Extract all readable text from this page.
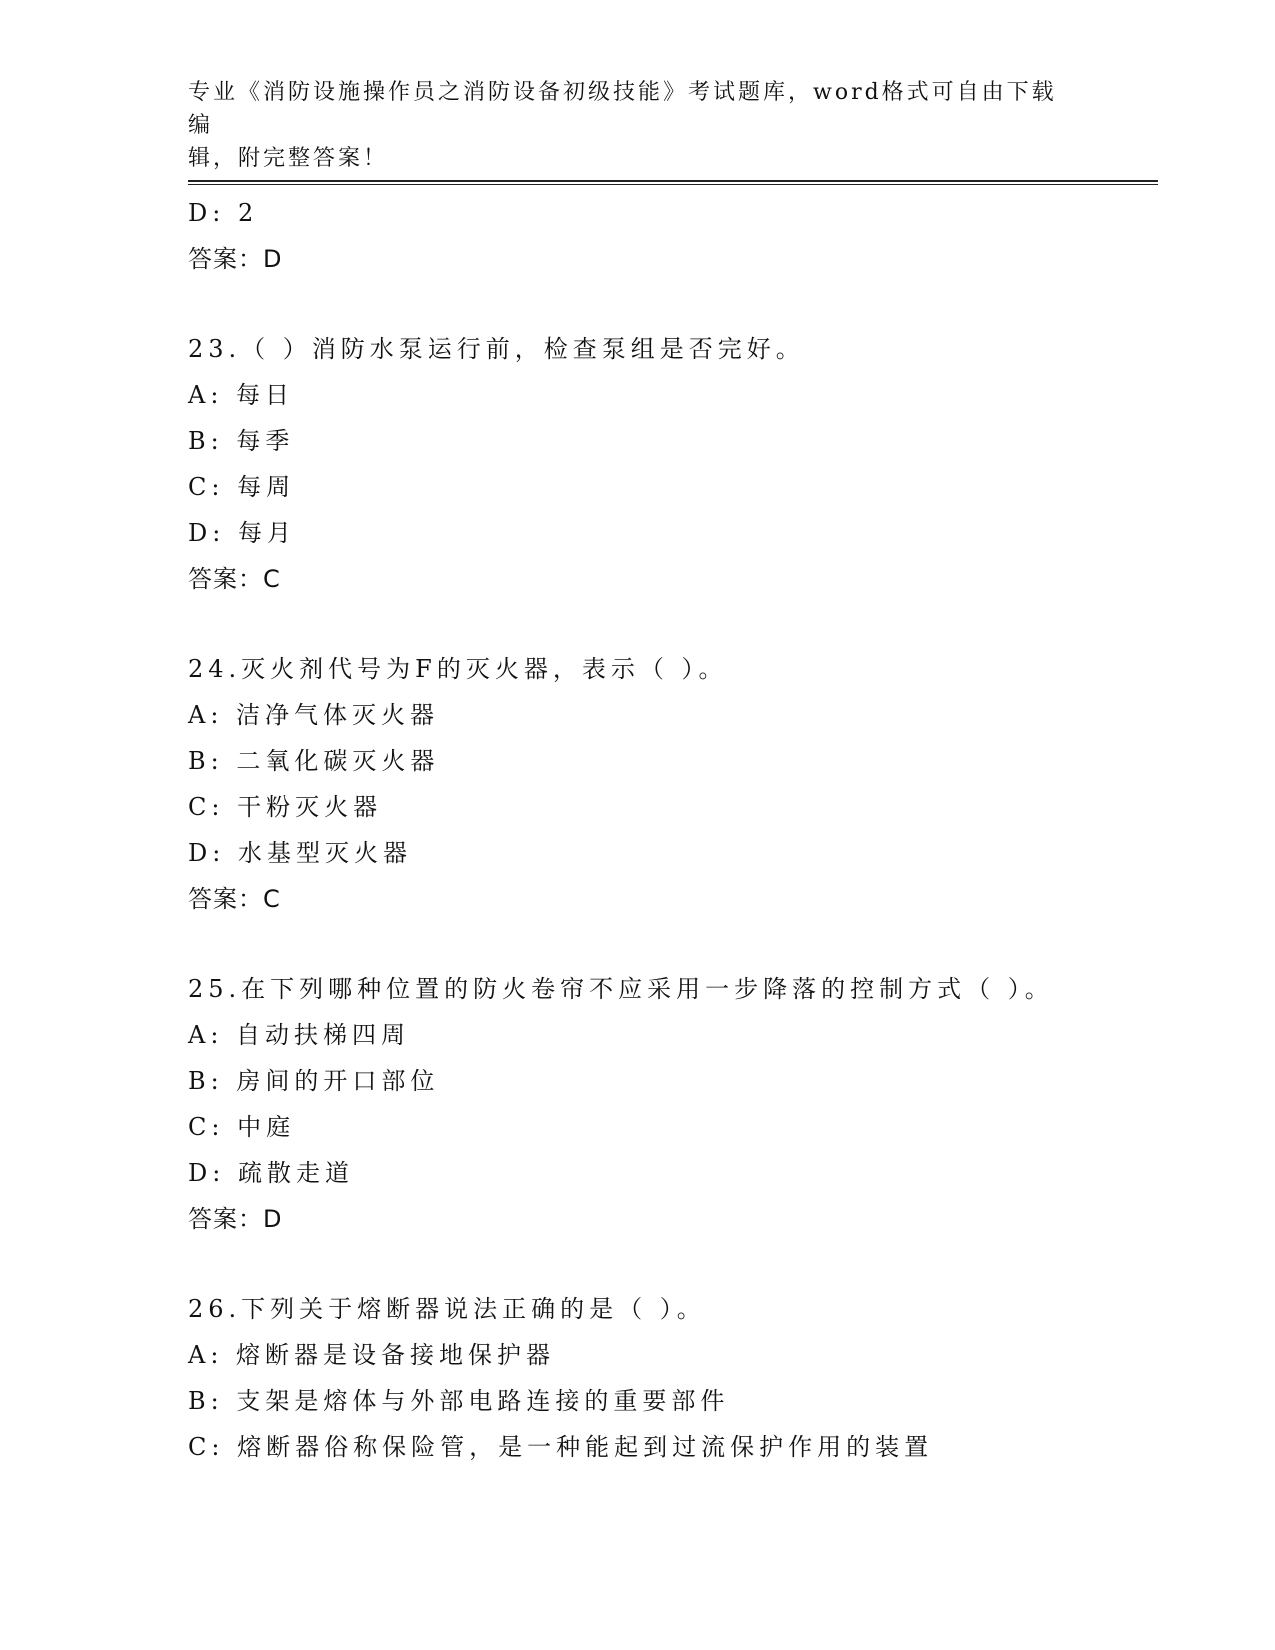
专业《消防设施操作员之消防设备初级技能》考试题库，word格式可自由下载编
辑，附完整答案！
D: 2
答案：D
23.（ ）消防水泵运行前，检查泵组是否完好。
A: 每日
B: 每季
C: 每周
D: 每月
答案：C
24.灭火剂代号为F的灭火器，表示（ ）。
A: 洁净气体灭火器
B: 二氧化碳灭火器
C: 干粉灭火器
D: 水基型灭火器
答案：C
25.在下列哪种位置的防火卷帘不应采用一步降落的控制方式（ ）。
A: 自动扶梯四周
B: 房间的开口部位
C: 中庭
D: 疏散走道
答案：D
26.下列关于熔断器说法正确的是（ ）。
A: 熔断器是设备接地保护器
B: 支架是熔体与外部电路连接的重要部件
C: 熔断器俗称保险管，是一种能起到过流保护作用的装置
